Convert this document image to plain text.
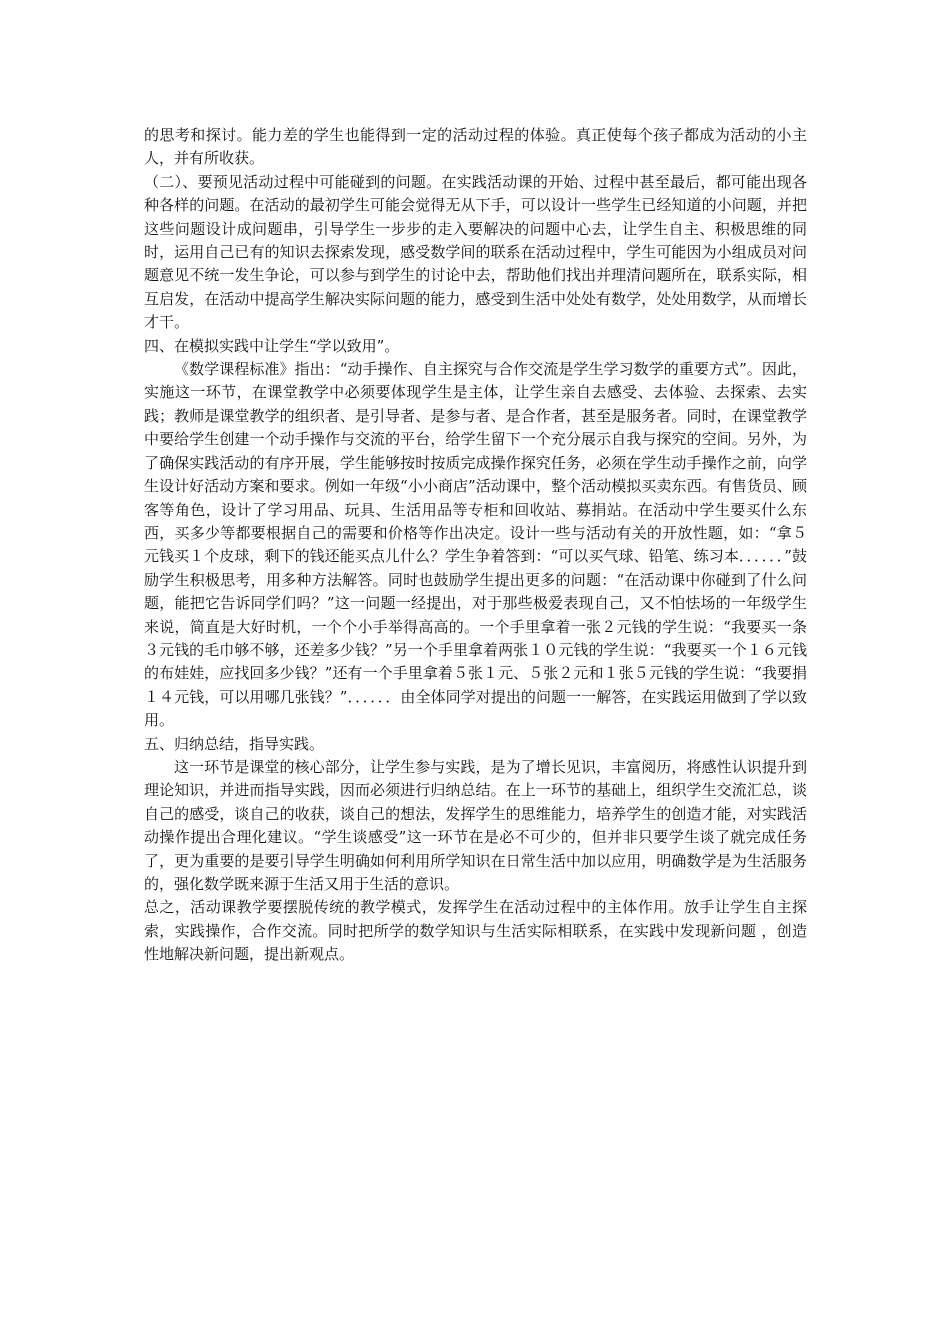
的思考和探讨。能力差的学生也能得到一定的活动过程的体验。真正使每个孩子都成为活动的小主人，并有所收获。

（二）、要预见活动过程中可能碰到的问题。在实践活动课的开始、过程中甚至最后，都可能出现各种各样的问题。在活动的最初学生可能会觉得无从下手，可以设计一些学生已经知道的小问题，并把这些问题设计成问题串，引导学生一步步的走入要解决的问题中心去，让学生自主、积极思维的同时，运用自己已有的知识去探索发现，感受数学间的联系在活动过程中，学生可能因为小组成员对问题意见不统一发生争论，可以参与到学生的讨论中去，帮助他们找出并理清问题所在，联系实际，相互启发，在活动中提高学生解决实际问题的能力，感受到生活中处处有数学，处处用数学，从而增长才干。

四、在模拟实践中让学生“学以致用”。

《数学课程标准》指出：“动手操作、自主探究与合作交流是学生学习数学的重要方式”。因此，实施这一环节，在课堂教学中必须要体现学生是主体，让学生亲自去感受、去体验、去探索、去实践；教师是课堂教学的组织者、是引导者、是参与者、是合作者，甚至是服务者。同时，在课堂教学中要给学生创建一个动手操作与交流的平台，给学生留下一个充分展示自我与探究的空间。另外，为了确保实践活动的有序开展，学生能够按时按质完成操作探究任务，必须在学生动手操作之前，向学生设计好活动方案和要求。例如一年级“小小商店”活动课中，整个活动模拟买卖东西。有售货员、顾客等角色，设计了学习用品、玩具、生活用品等专柜和回收站、募捐站。在活动中学生要买什么东西，买多少等都要根据自己的需要和价格等作出决定。设计一些与活动有关的开放性题，如：“拿５元钱买１个皮球，剩下的钱还能买点儿什么？学生争着答到：“可以买气球、铅笔、练习本．．．．．．”鼓励学生积极思考，用多种方法解答。同时也鼓励学生提出更多的问题：“在活动课中你碰到了什么问题，能把它告诉同学们吗？”这一问题一经提出，对于那些极爱表现自己，又不怕怯场的一年级学生来说，简直是大好时机，一个个小手举得高高的。一个手里拿着一张２元钱的学生说：“我要买一条３元钱的毛巾够不够，还差多少钱？”另一个手里拿着两张１０元钱的学生说：“我要买一个１６元钱的布娃娃，应找回多少钱？”还有一个手里拿着５张１元、５张２元和１张５元钱的学生说：“我要捐１４元钱，可以用哪几张钱？”．．．．．．由全体同学对提出的问题一一解答，在实践运用做到了学以致用。

五、归纳总结，指导实践。

这一环节是课堂的核心部分，让学生参与实践，是为了增长见识，丰富阅历，将感性认识提升到理论知识，并进而指导实践，因而必须进行归纳总结。在上一环节的基础上，组织学生交流汇总，谈自己的感受，谈自己的收获，谈自己的想法，发挥学生的思维能力，培养学生的创造才能，对实践活动操作提出合理化建议。“学生谈感受”这一环节在是必不可少的，但并非只要学生谈了就完成任务了，更为重要的是要引导学生明确如何利用所学知识在日常生活中加以应用，明确数学是为生活服务的，强化数学既来源于生活又用于生活的意识。

总之，活动课教学要摆脱传统的教学模式，发挥学生在活动过程中的主体作用。放手让学生自主探索，实践操作，合作交流。同时把所学的数学知识与生活实际相联系，在实践中发现新问题 ，创造性地解决新问题，提出新观点。
